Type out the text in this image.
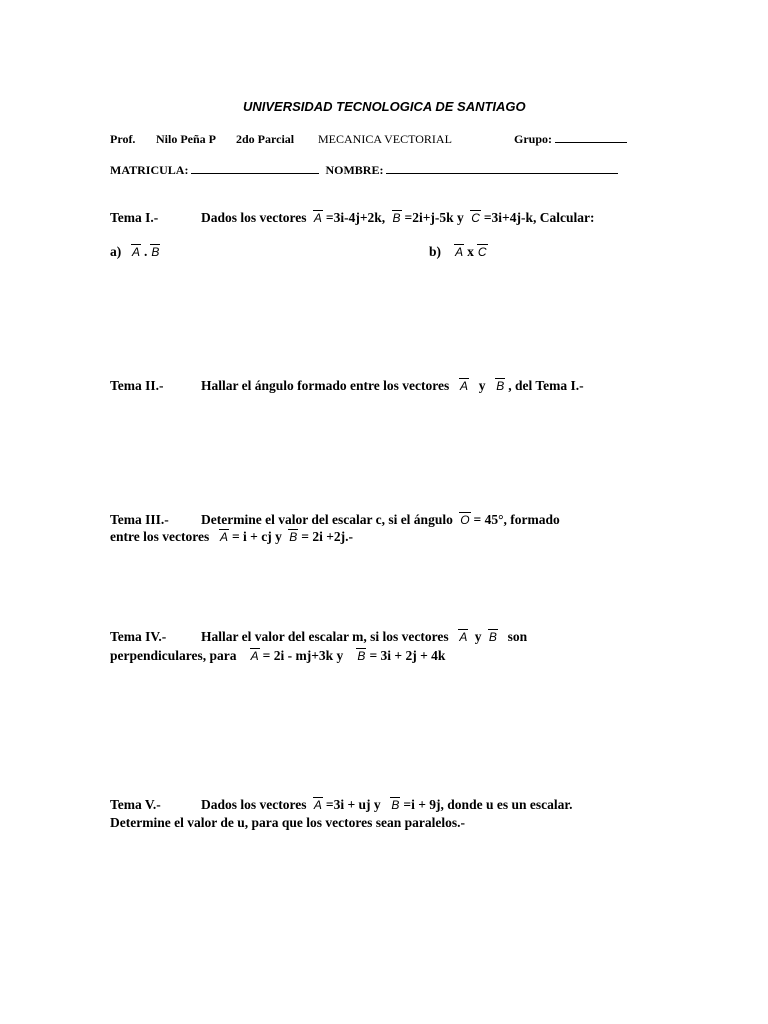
UNIVERSIDAD TECNOLOGICA DE SANTIAGO
Prof. Nilo Peña P 2do Parcial MECANICA VECTORIAL	Grupo:
MATRICULA:	NOMBRE:
Tema I.-	Dados los vectores A =3i-4j+2k, B =2i+j-5k y C =3i+4j-k, Calcular:
a) A . B	b) A x C
Tema II.-	Hallar el ángulo formado entre los vectores A y B , del Tema I.-
Tema III.- Determine el valor del escalar c, si el ángulo O = 45°, formado
entre los vectores A = i + cj y B = 2i +2j.-
Tema IV.-	Hallar el valor del escalar m, si los vectores A y B son
perpendiculares, para A = 2i - mj+3k y B = 3i + 2j + 4k
Tema V.-	Dados los vectores A =3i + uj y B =i + 9j, donde u es un escalar.
Determine el valor de u, para que los vectores sean paralelos.-
